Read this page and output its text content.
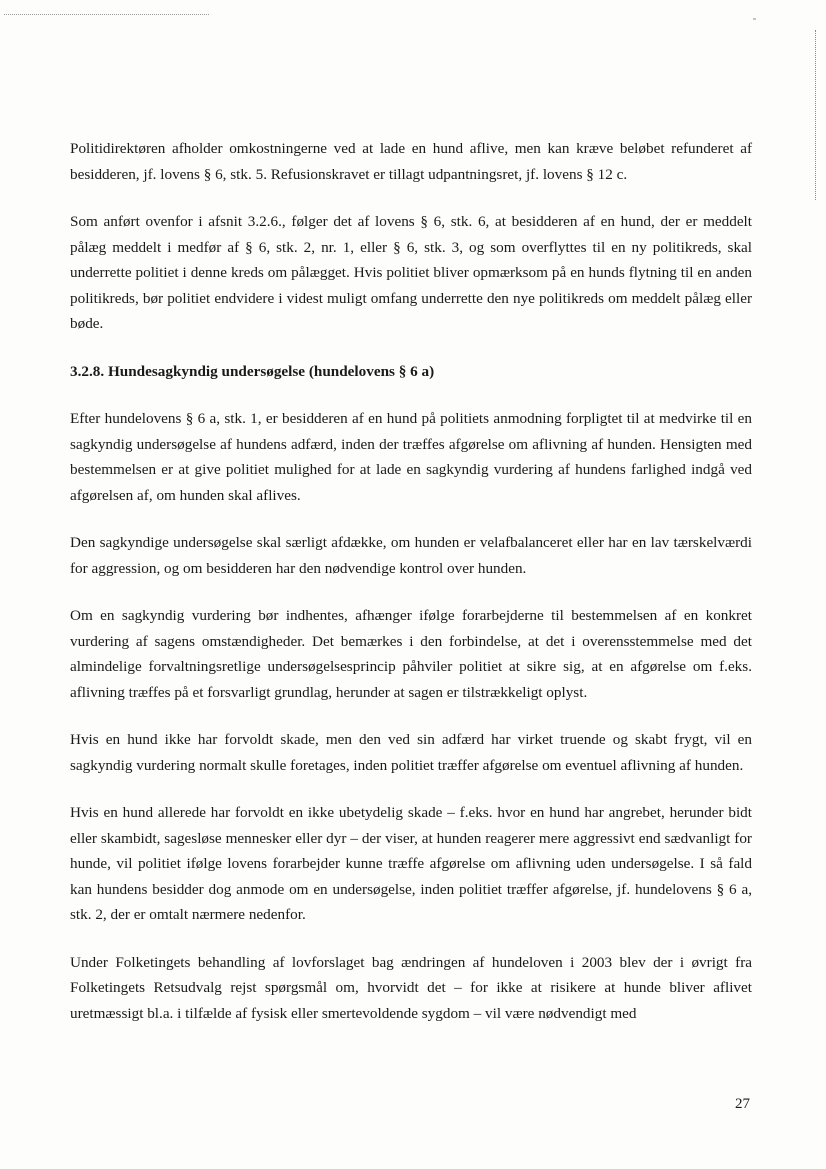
Politidirektøren afholder omkostningerne ved at lade en hund aflive, men kan kræve beløbet refunderet af besidderen, jf. lovens § 6, stk. 5. Refusionskravet er tillagt udpantningsret, jf. lovens § 12 c.

Som anført ovenfor i afsnit 3.2.6., følger det af lovens § 6, stk. 6, at besidderen af en hund, der er meddelt pålæg meddelt i medfør af § 6, stk. 2, nr. 1, eller § 6, stk. 3, og som overflyttes til en ny politikreds, skal underrette politiet i denne kreds om pålægget. Hvis politiet bliver opmærksom på en hunds flytning til en anden politikreds, bør politiet endvidere i videst muligt omfang underrette den nye politikreds om meddelt pålæg eller bøde.

3.2.8. Hundesagkyndig undersøgelse (hundelovens § 6 a)

Efter hundelovens § 6 a, stk. 1, er besidderen af en hund på politiets anmodning forpligtet til at medvirke til en sagkyndig undersøgelse af hundens adfærd, inden der træffes afgørelse om aflivning af hunden. Hensigten med bestemmelsen er at give politiet mulighed for at lade en sagkyndig vurdering af hundens farlighed indgå ved afgørelsen af, om hunden skal aflives.

Den sagkyndige undersøgelse skal særligt afdække, om hunden er velafbalanceret eller har en lav tærskelværdi for aggression, og om besidderen har den nødvendige kontrol over hunden.

Om en sagkyndig vurdering bør indhentes, afhænger ifølge forarbejderne til bestemmelsen af en konkret vurdering af sagens omstændigheder. Det bemærkes i den forbindelse, at det i overensstemmelse med det almindelige forvaltningsretlige undersøgelsesprincip påhviler politiet at sikre sig, at en afgørelse om f.eks. aflivning træffes på et forsvarligt grundlag, herunder at sagen er tilstrækkeligt oplyst.

Hvis en hund ikke har forvoldt skade, men den ved sin adfærd har virket truende og skabt frygt, vil en sagkyndig vurdering normalt skulle foretages, inden politiet træffer afgørelse om eventuel aflivning af hunden.

Hvis en hund allerede har forvoldt en ikke ubetydelig skade – f.eks. hvor en hund har angrebet, herunder bidt eller skambidt, sagesløse mennesker eller dyr – der viser, at hunden reagerer mere aggressivt end sædvanligt for hunde, vil politiet ifølge lovens forarbejder kunne træffe afgørelse om aflivning uden undersøgelse. I så fald kan hundens besidder dog anmode om en undersøgelse, inden politiet træffer afgørelse, jf. hundelovens § 6 a, stk. 2, der er omtalt nærmere nedenfor.

Under Folketingets behandling af lovforslaget bag ændringen af hundeloven i 2003 blev der i øvrigt fra Folketingets Retsudvalg rejst spørgsmål om, hvorvidt det – for ikke at risikere at hunde bliver aflivet uretmæssigt bl.a. i tilfælde af fysisk eller smertevoldende sygdom – vil være nødvendigt med

27
